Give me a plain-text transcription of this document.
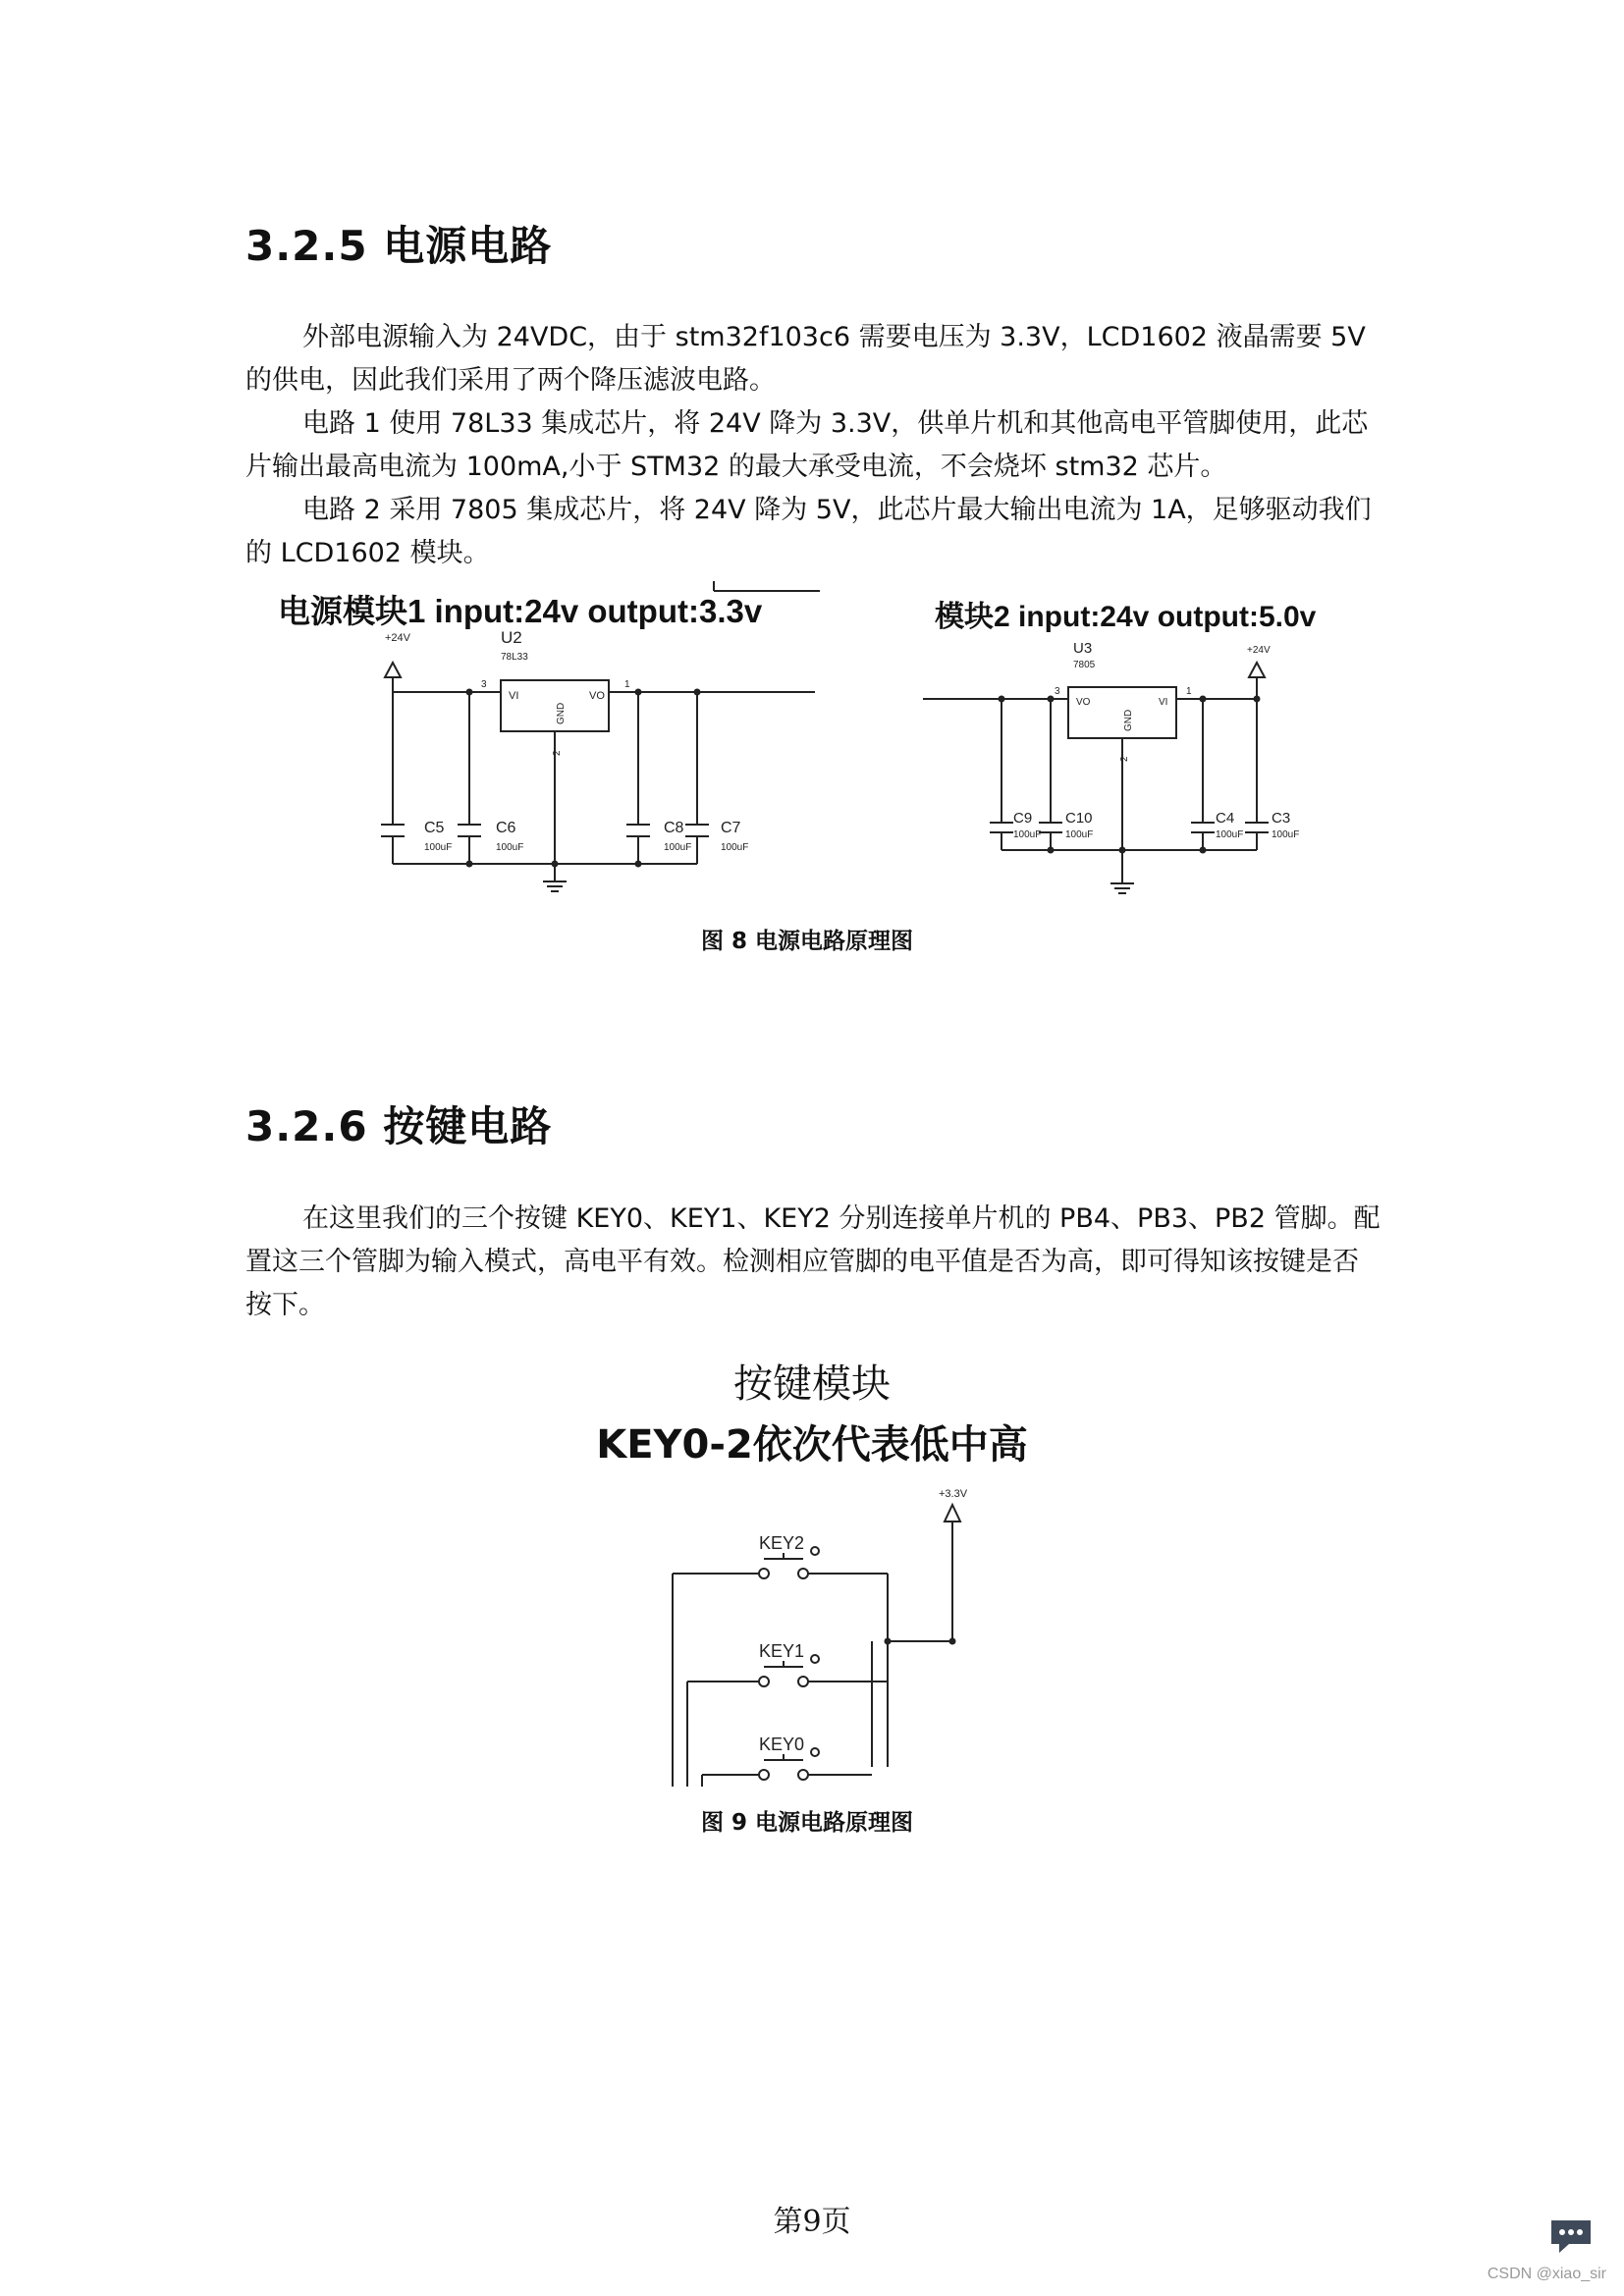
3.2.5 电源电路

外部电源输入为 24VDC，由于 stm32f103c6 需要电压为 3.3V，LCD1602 液晶需要 5V 的供电，因此我们采用了两个降压滤波电路。

电路 1 使用 78L33 集成芯片，将 24V 降为 3.3V，供单片机和其他高电平管脚使用，此芯片输出最高电流为 100mA,小于 STM32 的最大承受电流，不会烧坏 stm32 芯片。

电路 2 采用 7805 集成芯片，将 24V 降为 5V，此芯片最大输出电流为 1A，足够驱动我们的 LCD1602 模块。

电源模块1 input:24v output:3.3v	模块2 input:24v output:5.0v
+24V	U2
78L33
VI	VO
GND
3	1
2
C5
100uF
C6
100uF
C8
100uF
C7
100uF
+24V
U3
7805
VO	VI
GND
3	1
2
C9
100uF
C10
100uF
C4
100uF
C3
100uF
+3.3V
KEY2
KEY1
KEY0
图 8 电源电路原理图
3.2.6 按键电路

在这里我们的三个按键 KEY0、KEY1、KEY2 分别连接单片机的 PB4、PB3、PB2 管脚。配置这三个管脚为输入模式，高电平有效。检测相应管脚的电平值是否为高，即可得知该按键是否按下。

按键模块
KEY0-2依次代表低中高
图 9 电源电路原理图
第9页
CSDN @xiao_sir
